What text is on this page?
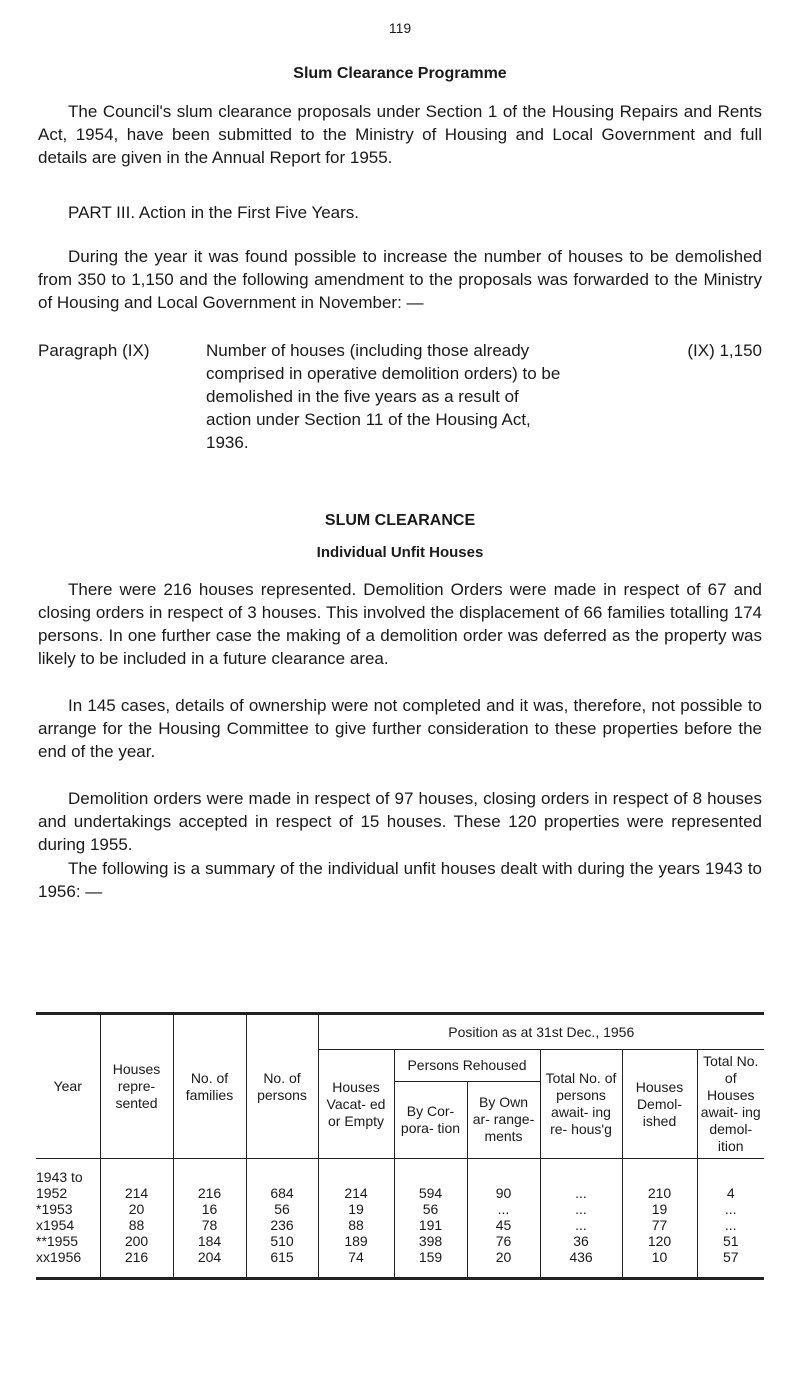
119
Slum Clearance Programme

The Council's slum clearance proposals under Section 1 of the Housing Repairs and Rents Act, 1954, have been submitted to the Ministry of Housing and Local Government and full details are given in the Annual Report for 1955.

PART III. Action in the First Five Years.

During the year it was found possible to increase the number of houses to be demolished from 350 to 1,150 and the following amendment to the proposals was forwarded to the Ministry of Housing and Local Government in November: —

Paragraph (IX)	Number of houses (including those already comprised in operative demolition orders) to be demolished in the five years as a result of action under Section 11 of the Housing Act, 1936.
(IX) 1,150
SLUM CLEARANCE
Individual Unfit Houses

There were 216 houses represented. Demolition Orders were made in respect of 67 and closing orders in respect of 3 houses. This involved the displacement of 66 families totalling 174 persons. In one further case the making of a demolition order was deferred as the property was likely to be included in a future clearance area.

In 145 cases, details of ownership were not completed and it was, therefore, not possible to arrange for the Housing Committee to give further consideration to these properties before the end of the year.

Demolition orders were made in respect of 97 houses, closing orders in respect of 8 houses and undertakings accepted in respect of 15 houses. These 120 properties were represented during 1955.

The following is a summary of the individual unfit houses dealt with during the years 1943 to 1956: —

Year	Houses repre- sented	No. of families	No. of persons	Position as at 31st Dec., 1956					
				Houses Vacat- ed or Empty	Persons Rehoused		Total No. of persons await- ing re- hous'g	Houses Demol- ished	Total No. of Houses await- ing demol- ition
					By Cor- pora- tion	By Own ar- range- ments			
1943 to 1952	214	216	684	214	594	90	...	210	4
*1953	20	16	56	19	56	...	...	19	...
x1954	88	78	236	88	191	45	...	77	...
**1955	200	184	510	189	398	76	36	120	51
xx1956	216	204	615	74	159	20	436	10	57
